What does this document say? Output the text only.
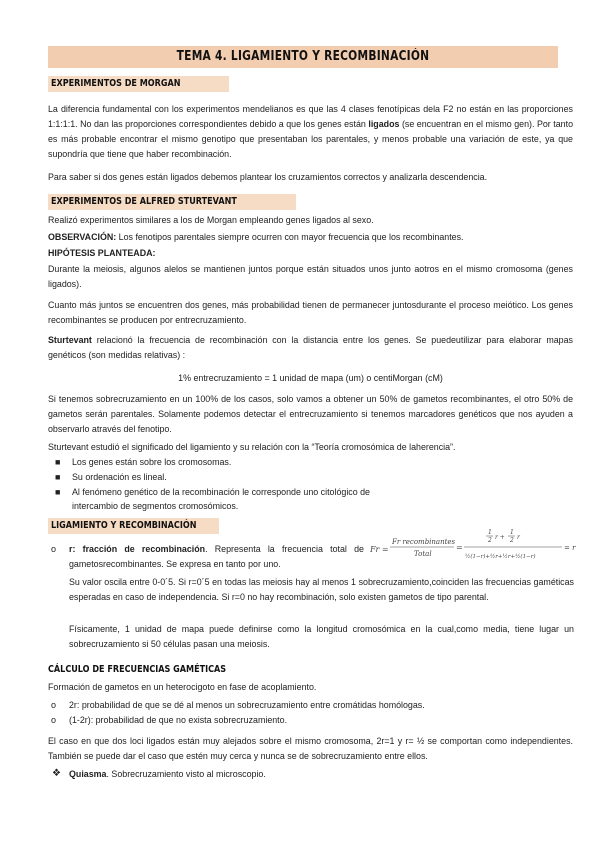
TEMA 4. LIGAMIENTO Y RECOMBINACIÓN
EXPERIMENTOS DE MORGAN
La diferencia fundamental con los experimentos mendelianos es que las 4 clases fenotípicas dela F2 no están en las proporciones 1:1:1:1. No dan las proporciones correspondientes debido a que los genes están ligados (se encuentran en el mismo gen). Por tanto es más probable encontrar el mismo genotipo que presentaban los parentales, y menos probable una variación de este, ya que supondría que tiene que haber recombinación.
Para saber si dos genes están ligados debemos plantear los cruzamientos correctos y analizarla descendencia.
EXPERIMENTOS DE ALFRED STURTEVANT
Realizó experimentos similares a los de Morgan empleando genes ligados al sexo.
OBSERVACIÓN: Los fenotipos parentales siempre ocurren con mayor frecuencia que los recombinantes.
HIPÓTESIS PLANTEADA:
Durante la meiosis, algunos alelos se mantienen juntos porque están situados unos junto aotros en el mismo cromosoma (genes ligados).
Cuanto más juntos se encuentren dos genes, más probabilidad tienen de permanecer juntosdurante el proceso meiótico. Los genes recombinantes se producen por entrecruzamiento.
Sturtevant relacionó la frecuencia de recombinación con la distancia entre los genes. Se puedeutilizar para elaborar mapas genéticos (son medidas relativas) :
1% entrecruzamiento = 1 unidad de mapa (um) o centiMorgan (cM)
Si tenemos sobrecruzamiento en un 100% de los casos, solo vamos a obtener un 50% de gametos recombinantes, el otro 50% de gametos serán parentales. Solamente podemos detectar el entrecruzamiento si tenemos marcadores genéticos que nos ayuden a observarlo através del fenotipo.
Sturtevant estudió el significado del ligamiento y su relación con la “Teoría cromosómica de laherencia”.
■ Los genes están sobre los cromosomas.
■ Su ordenación es lineal.
■ Al fenómeno genético de la recombinación le corresponde uno citológico de
intercambio de segmentos cromosómicos.
LIGAMIENTO Y RECOMBINACIÓN
o r: fracción de recombinación. Representa la frecuencia total de gametosrecombinantes. Se expresa en tanto por uno.
Fr =
Fr recombinantes
Total
=
1
2 r +
1
2 r
½(1−r)+½r+½r+½(1−r)
= r
Su valor oscila entre 0-0´5. Si r=0´5 en todas las meiosis hay al menos 1 sobrecruzamiento,coinciden las frecuencias gaméticas esperadas en caso de independencia. Si r=0 no hay recombinación, solo existen gametos de tipo parental.
Físicamente, 1 unidad de mapa puede definirse como la longitud cromosómica en la cual,como media, tiene lugar un sobrecruzamiento si 50 células pasan una meiosis.
CÁLCULO DE FRECUENCIAS GAMÉTICAS
Formación de gametos en un heterocigoto en fase de acoplamiento.
o 2r: probabilidad de que se dé al menos un sobrecruzamiento entre cromátidas homólogas.
o (1-2r): probabilidad de que no exista sobrecruzamiento.
El caso en que dos loci ligados están muy alejados sobre el mismo cromosoma, 2r=1 y r= ½ se comportan como independientes. También se puede dar el caso que estén muy cerca y nunca se de sobrecruzamiento entre ellos.
❖ Quiasma. Sobrecruzamiento visto al microscopio.
